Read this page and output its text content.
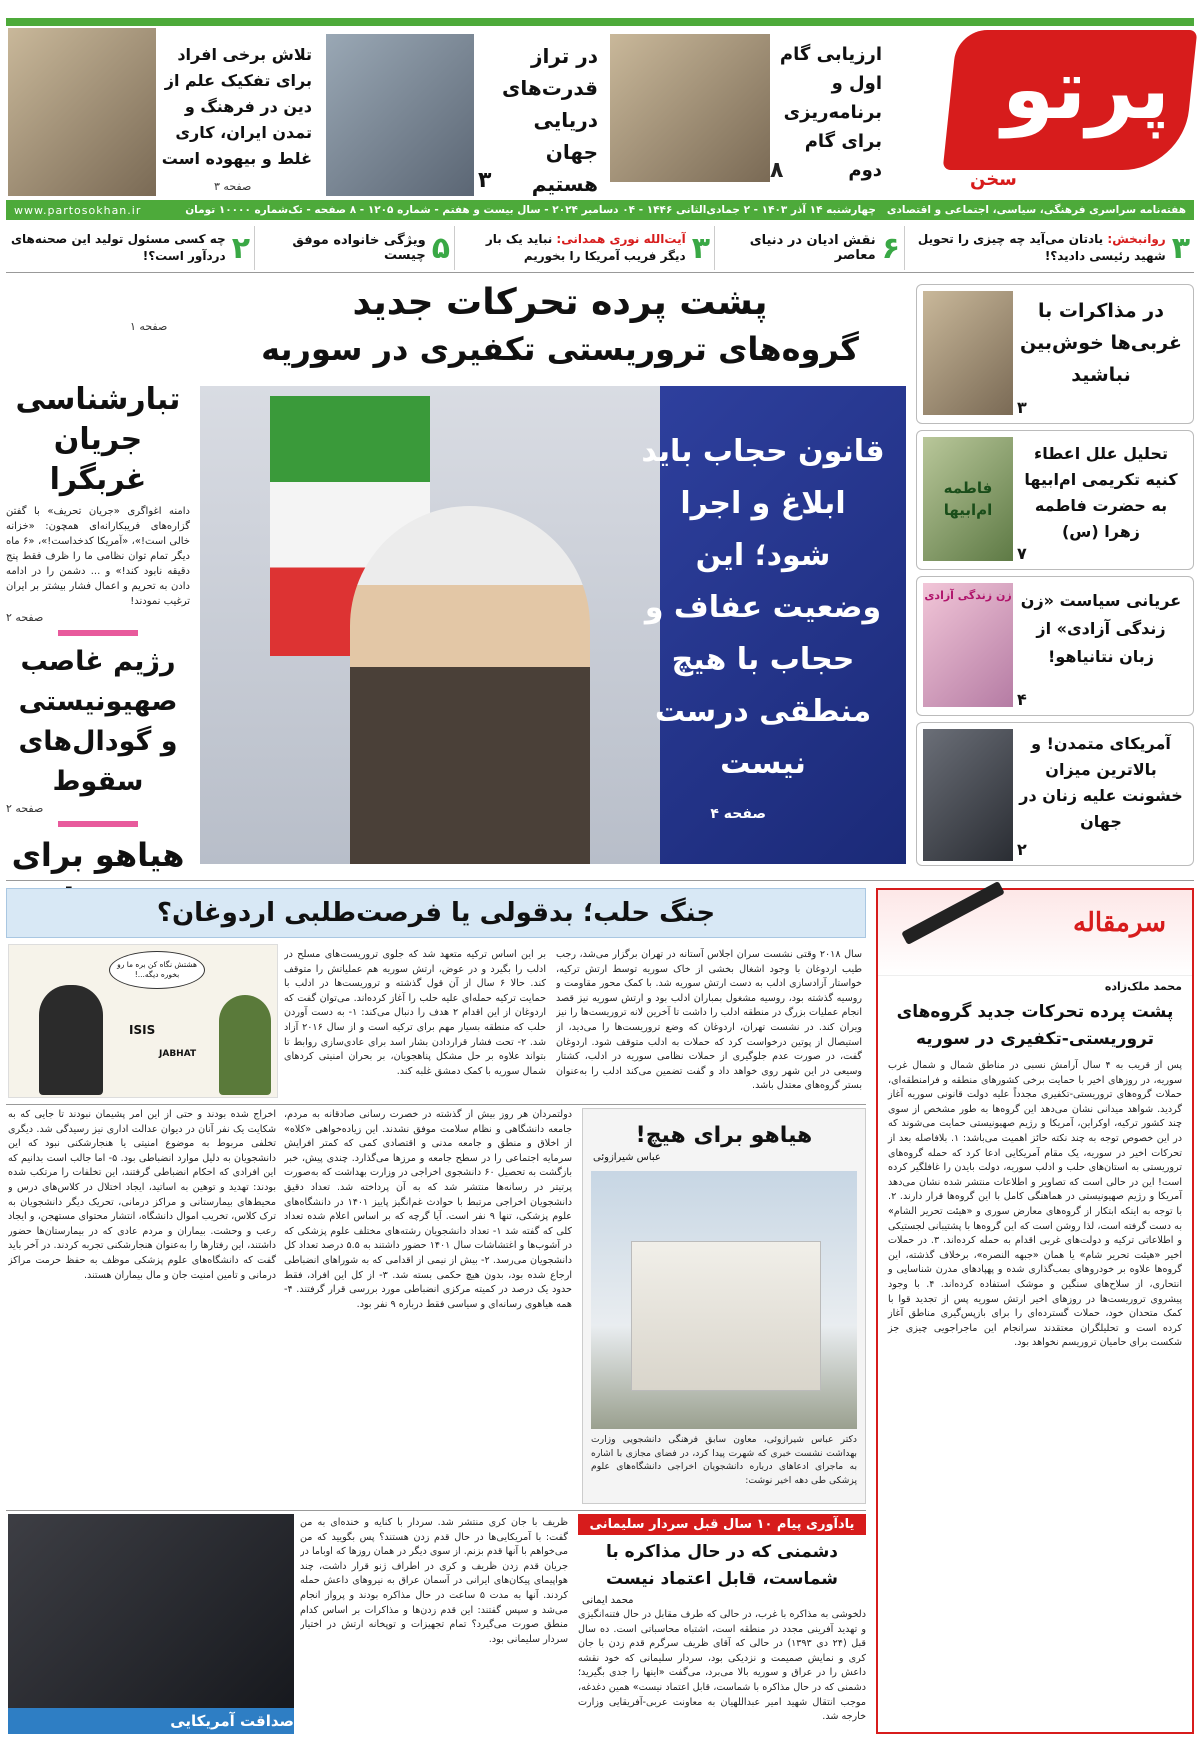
پرتو
سخن
ارزیابی گام اول و برنامه‌ریزی برای گام دوم
۸
در تراز قدرت‌های دریایی جهان هستیم
۳
تلاش برخی افراد برای تفکیک علم از دین در فرهنگ و تمدن ایران، کاری غلط و بیهوده است
صفحه ۳
هفته‌نامه سراسری فرهنگی، سیاسی، اجتماعی و اقتصادی   چهارشنبه ۱۴ آذر ۱۴۰۳ - ۲ جمادی‌الثانی ۱۴۴۶ - ۰۴ دسامبر ۲۰۲۴ - سال بیست و هفتم - شماره ۱۲۰۵ - ۸ صفحه - تک‌شماره ۱۰۰۰۰ تومان
www.partosokhan.ir
۳
روانبخش: یادتان می‌آید چه چیزی را تحویل شهید رئیسی دادید؟!
۶
نقش ادیان در دنیای معاصر
۳
آیت‌الله نوری همدانی: نباید یک بار دیگر فریب آمریکا را بخوریم
۵
ویژگی خانواده موفق چیست
۲
چه کسی مسئول تولید این صحنه‌های دردآور است؟!
پشت پرده تحرکات جدید
گروه‌های تروریستی تکفیری در سوریه
صفحه ۱
قانون حجاب باید ابلاغ و اجرا شود؛ این وضعیت عفاف و حجاب با هیچ منطقی درست نیست
صفحه ۴
تبارشناسی جریان غربگرا
دامنه اغواگری «جریان تحریف» با گفتن گزاره‌های فریبکارانه‌ای همچون: «خزانه خالی است!»، «آمریکا کدخداست!»، «۶ ماه دیگر تمام توان نظامی ما را ظرف فقط پنج دقیقه نابود کند!» و ... دشمن را در ادامه دادن به تحریم و اعمال فشار بیشتر بر ایران ترغیب نمودند!
صفحه ۲
رژیم غاصب صهیونیستی و گودال‌های سقوط
صفحه ۲
هیاهو برای
در مذاکرات با غربی‌ها خوش‌بین نباشید
۳
فاطمه ام‌ابیها
تحلیل علل اعطاء کنیه تکریمی ام‌ابیها به حضرت فاطمه زهرا (س)
۷
زن زندگی آزادی عریانی سیاست «زن زندگی آزادی» از زبان نتانیاهو!
۴
آمریکای متمدن! و بالاترین میزان خشونت علیه زنان در جهان
۲
جنگ حلب؛ بدقولی یا فرصت‌طلبی اردوغان؟
سال ۲۰۱۸ وقتی نشست سران اجلاس آستانه در تهران برگزار می‌شد، رجب طیب اردوغان با وجود اشغال بخشی از خاک سوریه توسط ارتش ترکیه، خواستار آزادسازی ادلب به دست ارتش سوریه شد. با کمک محور مقاومت و روسیه گذشته بود، روسیه مشغول بمباران ادلب بود و ارتش سوریه نیز قصد انجام عملیات بزرگ در منطقه ادلب را داشت تا آخرین لانه تروریست‌ها را نیز ویران کند. در نشست تهران، اردوغان که وضع تروریست‌ها را می‌دید، از استیصال از پوتین درخواست کرد که حملات به ادلب متوقف شود. اردوغان گفت، در صورت عدم جلوگیری از حملات نظامی سوریه در ادلب، کشتار وسیعی در این شهر روی خواهد داد و گفت تضمین می‌کند ادلب را به‌عنوان بستر گروه‌های معتدل باشد.
بر این اساس ترکیه متعهد شد که جلوی تروریست‌های مسلح در ادلب را بگیرد و در عوض، ارتش سوریه هم عملیاتش را متوقف کند. حالا ۶ سال از آن قول گذشته و تروریست‌ها در ادلب با حمایت ترکیه حمله‌ای علیه حلب را آغاز کرده‌اند. می‌توان گفت که اردوغان از این اقدام ۲ هدف را دنبال می‌کند: ۱- به دست آوردن حلب که منطقه بسیار مهم برای ترکیه است و از سال ۲۰۱۶ آزاد شد. ۲- تحت فشار قراردادن بشار اسد برای عادی‌سازی روابط تا بتواند علاوه بر حل مشکل پناهجویان، بر بحران امنیتی کردهای شمال سوریه با کمک دمشق غلبه کند.
هشتش نگاه کن بره ما رو بخوره دیگه...!
ISIS
JABHAT
اخراج شده بودند و حتی از این امر پشیمان نبودند تا جایی که به شکایت یک نفر آنان در دیوان عدالت اداری نیز رسیدگی شد. دیگری تخلفی مربوط به موضوع امنیتی یا هنجارشکنی نبود که این دانشجویان به دلیل موارد انضباطی بود. ۵- اما جالب است بدانیم که این افرادی که احکام انضباطی گرفتند، این تخلفات را مرتکب شده بودند: تهدید و توهین به اساتید، ایجاد اختلال در کلاس‌های درس و محیط‌های بیمارستانی و مراکز درمانی، تحریک دیگر دانشجویان به ترک کلاس، تخریب اموال دانشگاه، انتشار محتوای مستهجن، و ایجاد رعب و وحشت. بیماران و مردم عادی که در بیمارستان‌ها حضور داشتند، این رفتارها را به‌عنوان هنجارشکنی تجربه کردند. در آخر باید گفت که دانشگاه‌های علوم پزشکی موظف به حفظ حرمت مراکز درمانی و تامین امنیت جان و مال بیماران هستند.
دولتمردان هر روز بیش از گذشته در خصرت رسانی صادقانه به مردم، جامعه دانشگاهی و نظام سلامت موفق نشدند. این زیاده‌خواهی «کلاه» از اخلاق و منطق و جامعه مدنی و اقتصادی کمی که کمتر افرایش سرمایه اجتماعی را در سطح جامعه و مرزها می‌گذارد. چندی پیش، خبر بازگشت به تحصیل ۶۰ دانشجوی اخراجی در وزارت بهداشت که به‌صورت پرتیتر در رسانه‌ها منتشر شد که به آن پرداخته شد. تعداد دقیق دانشجویان اخراجی مرتبط با حوادث غم‌انگیز پاییز ۱۴۰۱ در دانشگاه‌های علوم پزشکی، تنها ۹ نفر است. آیا گرچه که بر اساس اعلام شده تعداد کلی که گفته شد ۱- تعداد دانشجویان رشته‌های مختلف علوم پزشکی که در آشوب‌ها و اغتشاشات سال ۱۴۰۱ حضور داشتند به ۵.۵ درصد تعداد کل دانشجویان می‌رسد. ۲- بیش از نیمی از اقدامی که به شوراهای انضباطی ارجاع شده بود، بدون هیچ حکمی بسته شد. ۳- از کل این افراد، فقط حدود یک درصد در کمیته مرکزی انضباطی مورد بررسی قرار گرفتند. ۴- همه هیاهوی رسانه‌ای و سیاسی فقط درباره ۹ نفر بود.
هیاهو برای هیچ!
عباس شیرازوئی
دکتر عباس شیرازوئی، معاون سابق فرهنگی دانشجویی وزارت بهداشت نشست خبری که شهرت پیدا کرد، در فضای مجازی با اشاره به ماجرای ادعاهای درباره دانشجویان اخراجی دانشگاه‌های علوم پزشکی طی دهه اخیر نوشت:
صداقت آمریکایی
ظریف با جان کری منتشر شد. سردار با کنایه و خنده‌ای به من گفت: با آمریکایی‌ها در حال قدم زدن هستند؟ پس بگویید که من می‌خواهم با آنها قدم بزنم. از سوی دیگر در همان روزها که اوباما در جریان قدم زدن ظریف و کری در اطراف ژنو قرار داشت، چند هواپیمای پیکان‌های ایرانی در آسمان عراق به نیروهای داعش حمله کردند. آنها به مدت ۵ ساعت در حال مذاکره بودند و پرواز انجام می‌شد و سپس گفتند: این قدم زدن‌ها و مذاکرات بر اساس کدام منطق صورت می‌گیرد؟ تمام تجهیزات و توپخانه ارتش در اختیار سردار سلیمانی بود.
یادآوری پیام ۱۰ سال قبل سردار سلیمانی
دشمنی که در حال مذاکره با شماست، قابل اعتماد نیست
محمد ایمانی
دلخوشی به مذاکره با غرب، در حالی که طرف مقابل در حال فتنه‌انگیزی و تهدید آفرینی مجدد در منطقه است، اشتباه محاسباتی است. ده سال قبل (۲۴ دی ۱۳۹۳) در حالی که آقای ظریف سرگرم قدم زدن با جان کری و نمایش صمیمت و نزدیکی بود، سردار سلیمانی که خود نقشه داعش را در عراق و سوریه بالا می‌برد، می‌گفت «اینها را جدی بگیرید؛ دشمنی که در حال مذاکره با شماست، قابل اعتماد نیست» همین دغدغه، موجب انتقال شهید امیر عبداللهیان به معاونت عربی-آفریقایی وزارت خارجه شد.
سرمقاله
محمد ملک‌زاده
پشت پرده تحرکات جدید گروه‌های تروریستی-تکفیری در سوریه
پس از قریب به ۴ سال آرامش نسبی در مناطق شمال و شمال غرب سوریه، در روزهای اخیر با حمایت برخی کشورهای منطقه و فرامنطقه‌ای، حملات گروه‌های تروریستی-تکفیری مجدداً علیه دولت قانونی سوریه آغاز گردید. شواهد میدانی نشان می‌دهد این گروه‌ها به طور مشخص از سوی چند کشور ترکیه، اوکراین، آمریکا و رژیم صهیونیستی حمایت می‌شوند که در این خصوص توجه به چند نکته حائز اهمیت می‌باشد: ۱. بلافاصله بعد از تحرکات اخیر در سوریه، یک مقام آمریکایی ادعا کرد که حمله گروه‌های تروریستی به استان‌های حلب و ادلب سوریه، دولت بایدن را غافلگیر کرده است! این در حالی است که تصاویر و اطلاعات منتشر شده نشان می‌دهد آمریکا و رژیم صهیونیستی در هماهنگی کامل با این گروه‌ها قرار دارند. ۲. با توجه به اینکه ابتکار از گروه‌های معارض سوری و «هیئت تحریر الشام» به دست گرفته است، لذا روشن است که این گروه‌ها با پشتیبانی لجستیکی و اطلاعاتی ترکیه و دولت‌های غربی اقدام به حمله کرده‌اند. ۳. در حملات اخیر «هیئت تحریر شام» یا همان «جبهه النصره»، برخلاف گذشته، این گروه‌ها علاوه بر خودروهای بمب‌گذاری شده و پهپادهای مدرن شناسایی و انتحاری، از سلاح‌های سنگین و موشک استفاده کرده‌اند. ۴. با وجود پیشروی تروریست‌ها در روزهای اخیر ارتش سوریه پس از تجدید قوا با کمک متحدان خود، حملات گسترده‌ای را برای بازپس‌گیری مناطق آغاز کرده است و تحلیلگران معتقدند سرانجام این ماجراجویی چیزی جز شکست برای حامیان تروریسم نخواهد بود.
